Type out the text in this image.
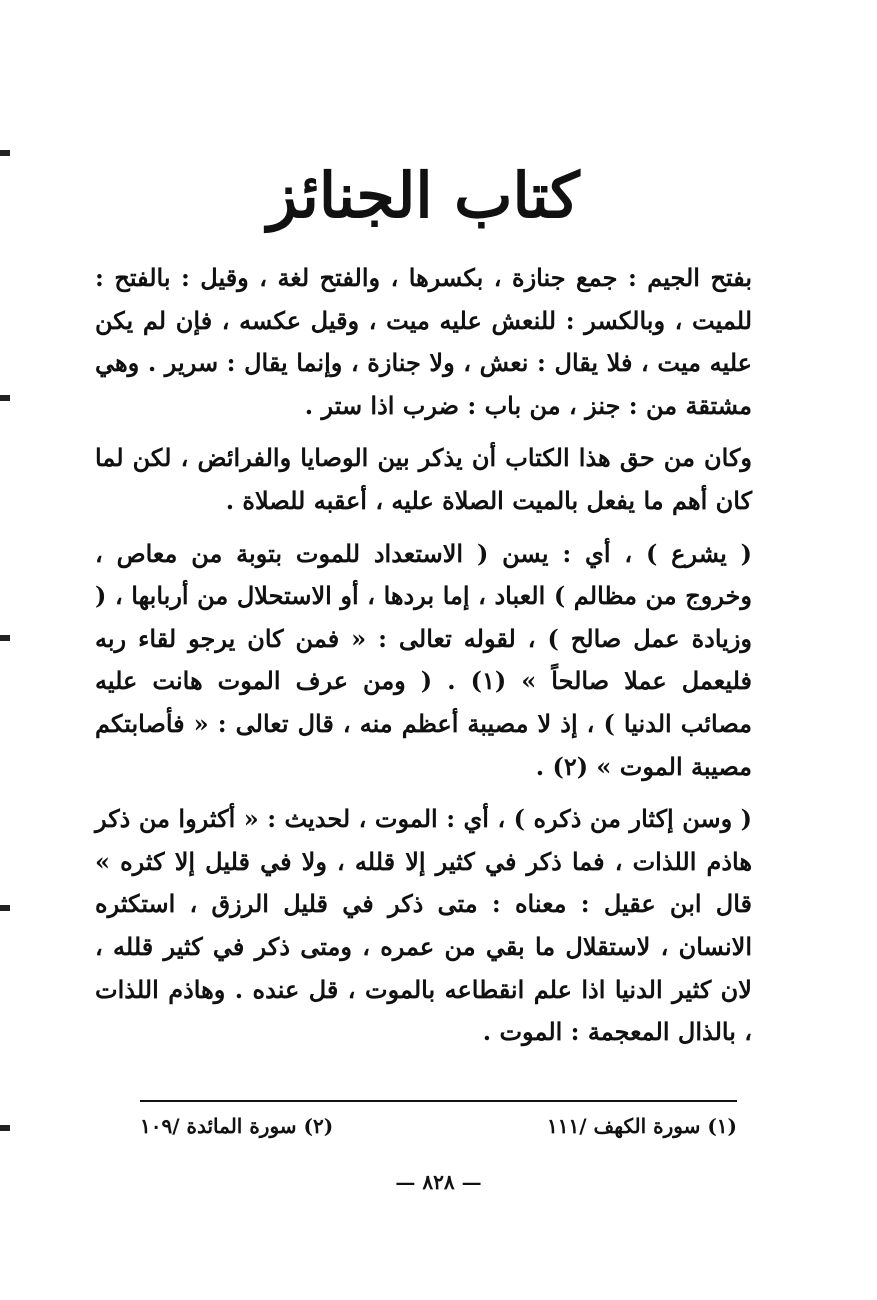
كتاب الجنائز

بفتح الجيم : جمع جنازة ، بكسرها ، والفتح لغة ، وقيل : بالفتح : للميت ، وبالكسر : للنعش عليه ميت ، وقيل عكسه ، فإن لم يكن عليه ميت ، فلا يقال : نعش ، ولا جنازة ، وإنما يقال : سرير . وهي مشتقة من : جنز ، من باب : ضرب اذا ستر .

وكان من حق هذا الكتاب أن يذكر بين الوصايا والفرائض ، لكن لما كان أهم ما يفعل بالميت الصلاة عليه ، أعقبه للصلاة .

( يشرع ) ، أي : يسن ( الاستعداد للموت بتوبة من معاص ، وخروج من مظالم ) العباد ، إما بردها ، أو الاستحلال من أربابها ، ( وزيادة عمل صالح ) ، لقوله تعالى : « فمن كان يرجو لقاء ربه فليعمل عملا صالحاً » (١) . ( ومن عرف الموت هانت عليه مصائب الدنيا ) ، إذ لا مصيبة أعظم منه ، قال تعالى : « فأصابتكم مصيبة الموت » (٢) .

( وسن إكثار من ذكره ) ، أي : الموت ، لحديث : « أكثروا من ذكر هاذم اللذات ، فما ذكر في كثير إلا قلله ، ولا في قليل إلا كثره » قال ابن عقيل : معناه : متى ذكر في قليل الرزق ، استكثره الانسان ، لاستقلال ما بقي من عمره ، ومتى ذكر في كثير قلله ، لان كثير الدنيا اذا علم انقطاعه بالموت ، قل عنده . وهاذم اللذات ، بالذال المعجمة : الموت .

(١) سورة الكهف /١١١
(٢) سورة المائدة /١٠٩
— ٨٢٨ —
